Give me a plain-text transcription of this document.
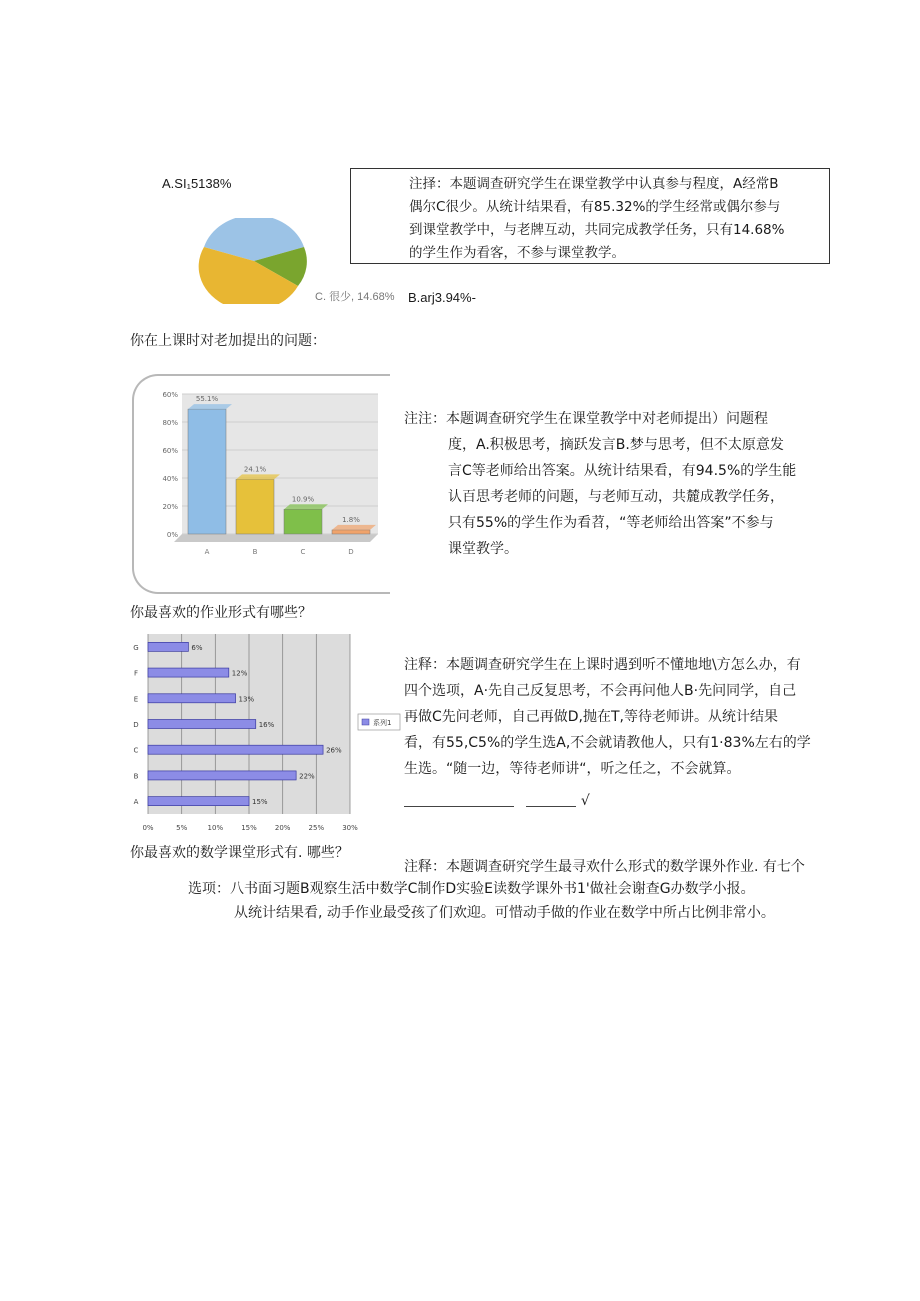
A.SI₁5138%
C. 很少, 14.68% B.arj3.94%-
注择：本题调查研究学生在课堂教学中认真参与程度，A经常B
偶尔C很少。从统计结果看，有85.32%的学生经常或偶尔参与
到课堂教学中，与老牌互动，共同完成教学任务，只有14.68%
的学生作为看客，不参与课堂教学。
你在上课时对老加提出的问题：
0%
20%
40%
60%
80%
60%
55.1%
A
24.1%
B
10.9%
C
1.8%
D
注注：本题调查研究学生在课堂教学中对老师提出）问题程
度，A.积极思考，摘跃发言B.梦与思考，但不太原意发
言C等老师给出答案。从统计结果看，有94.5%的学生能
认百思考老师的问题，与老师互动，共麓成教学任务，
只有55%的学生作为看苕，“等老师给出答案”不参与
课堂教学。
你最喜欢的作业形式有哪些？
0%	5%	10%	15%	20%	25%	30%
6%
G
12%
F
13%
E
16%
D
26%
C
22%
B
15%
A
系列1
注释：本题调查研究学生在上课时遇到听不懂地地\方怎么办，有
四个选项，A·先自己反复思考，不会再问他人B·先问同学，自己
再做C先问老师，自己再做D,抛在T,等待老师讲。从统计结果
看，有55,C5%的学生选A,不会就请教他人，只有1·83%左右的学
生选。“随一边，等待老师讲“，听之任之，不会就算。
√
你最喜欢的数学课堂形式有. 哪些？
注释：本题调查研究学生最寻欢什么形式的数学课外作业. 有七个
选项：八书面习题B观察生活中数学C制作D实验E读数学课外书1'做社会谢查G办数学小报。
从统计结果看, 动手作业最受孩了们欢迎。可惜动手做的作业在数学中所占比例非常小。
